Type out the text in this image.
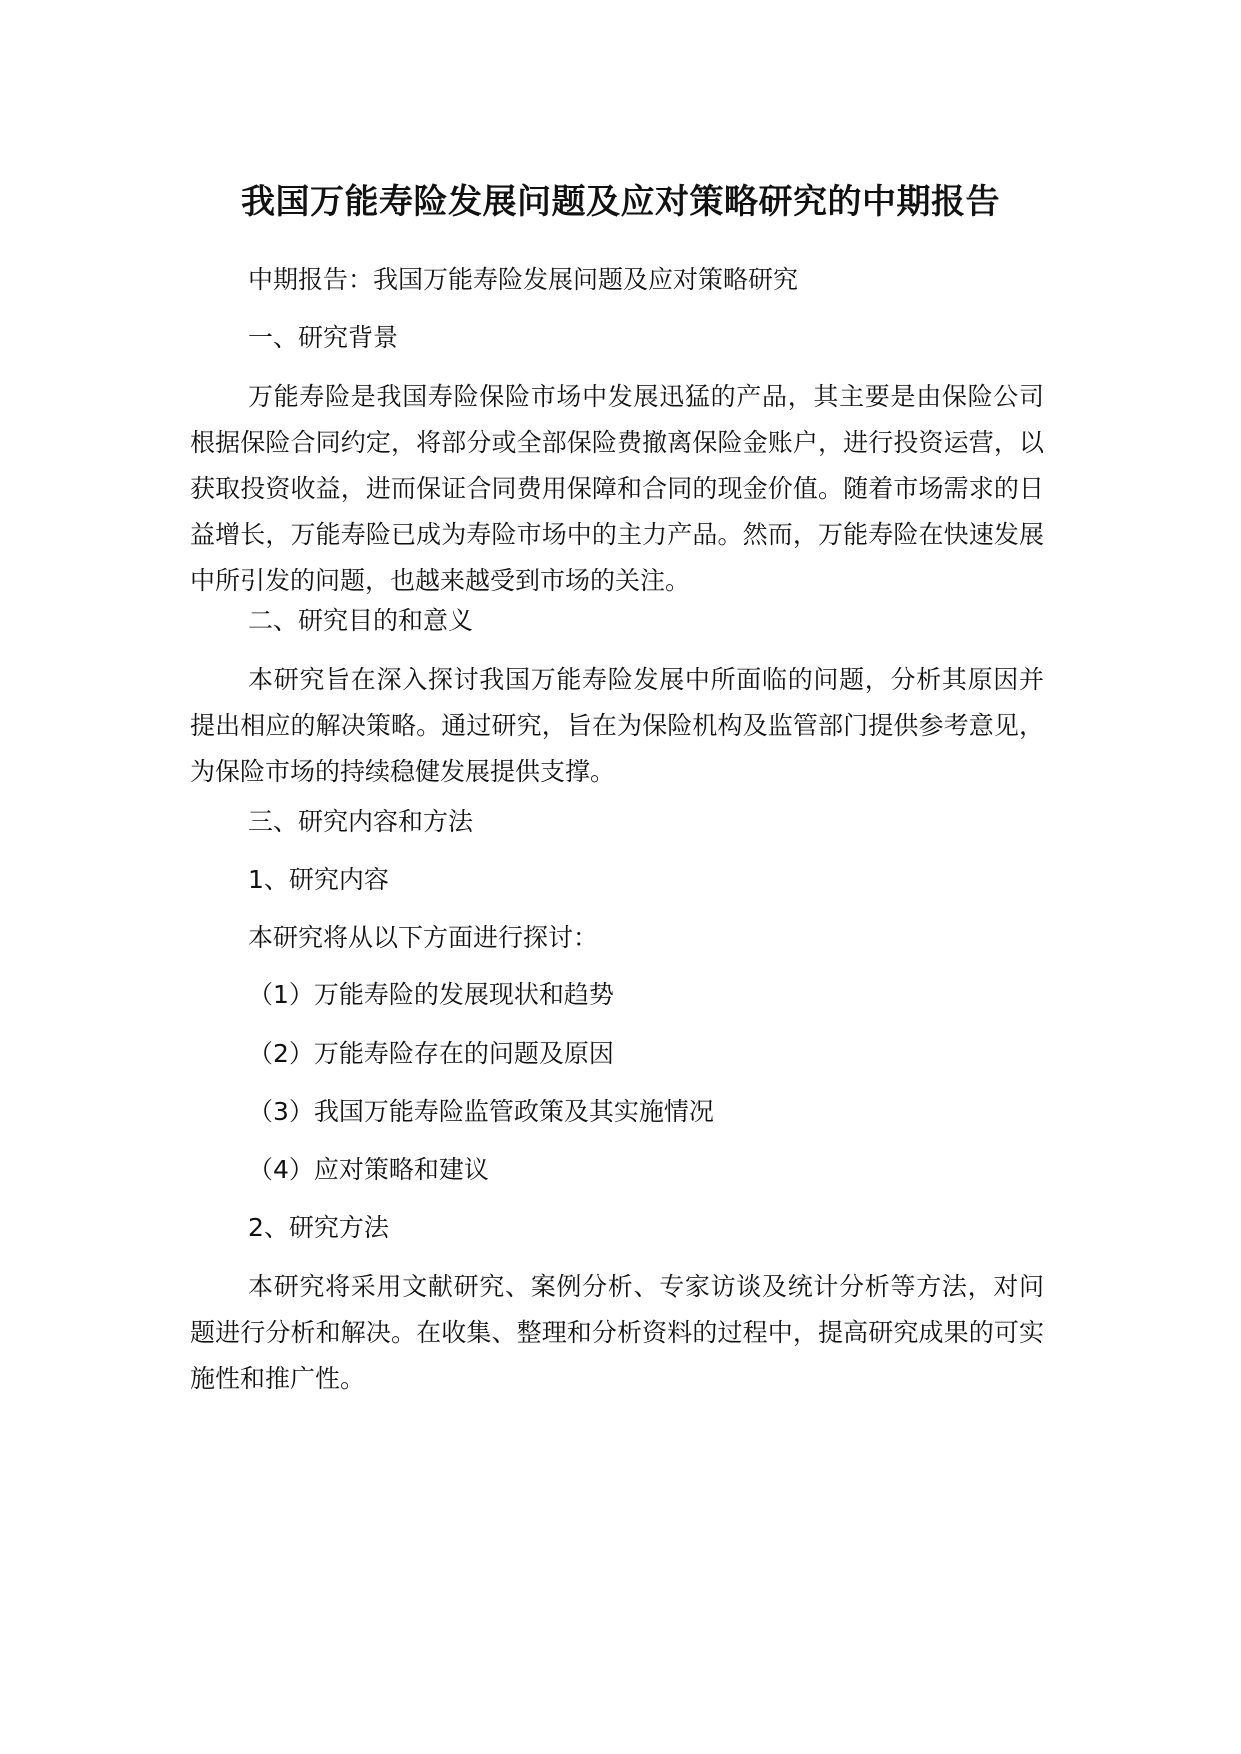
我国万能寿险发展问题及应对策略研究的中期报告

中期报告：我国万能寿险发展问题及应对策略研究

一、研究背景

万能寿险是我国寿险保险市场中发展迅猛的产品，其主要是由保险公司根据保险合同约定，将部分或全部保险费撤离保险金账户，进行投资运营，以获取投资收益，进而保证合同费用保障和合同的现金价值。随着市场需求的日益增长，万能寿险已成为寿险市场中的主力产品。然而，万能寿险在快速发展中所引发的问题，也越来越受到市场的关注。

二、研究目的和意义

本研究旨在深入探讨我国万能寿险发展中所面临的问题，分析其原因并提出相应的解决策略。通过研究，旨在为保险机构及监管部门提供参考意见，为保险市场的持续稳健发展提供支撑。

三、研究内容和方法

1、研究内容

本研究将从以下方面进行探讨：

（1）万能寿险的发展现状和趋势

（2）万能寿险存在的问题及原因

（3）我国万能寿险监管政策及其实施情况

（4）应对策略和建议

2、研究方法

本研究将采用文献研究、案例分析、专家访谈及统计分析等方法，对问题进行分析和解决。在收集、整理和分析资料的过程中，提高研究成果的可实施性和推广性。
